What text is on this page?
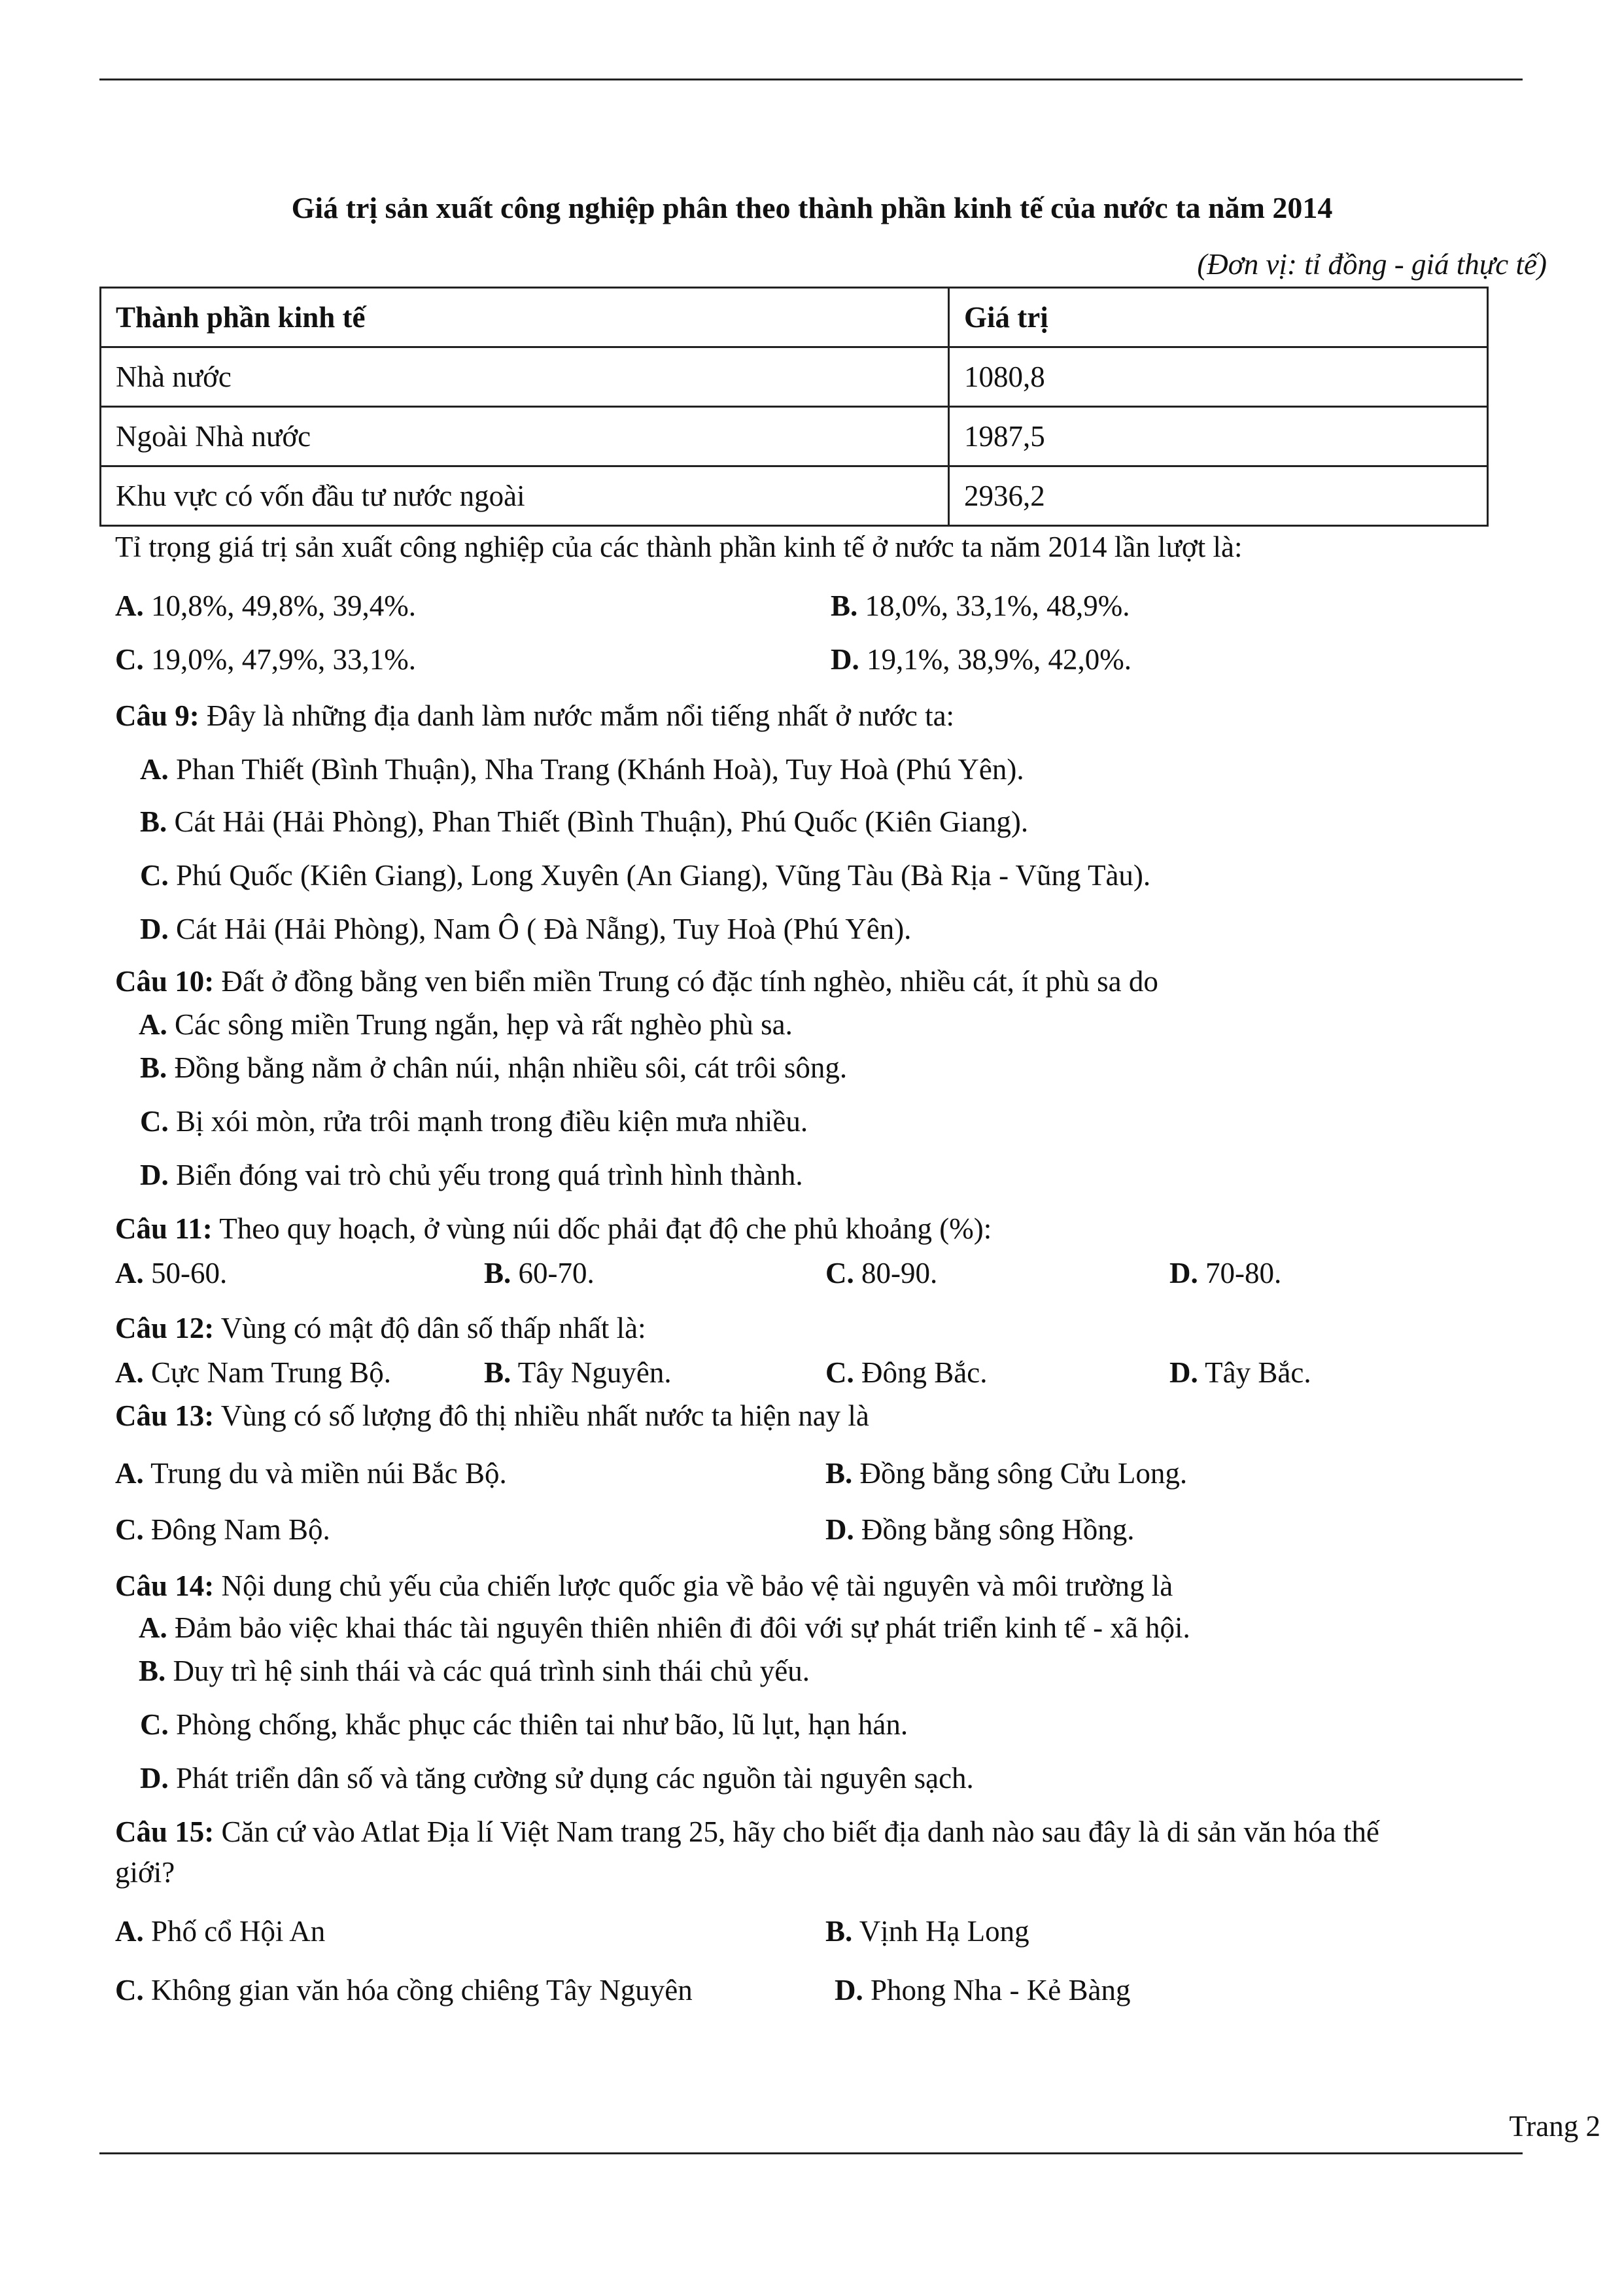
Giá trị sản xuất công nghiệp phân theo thành phần kinh tế của nước ta năm 2014
(Đơn vị: tỉ đồng - giá thực tế)
Thành phần kinh tế	Giá trị
Nhà nước	1080,8
Ngoài Nhà nước	1987,5
Khu vực có vốn đầu tư nước ngoài	2936,2
Tỉ trọng giá trị sản xuất công nghiệp của các thành phần kinh tế ở nước ta năm 2014 lần lượt là:
A. 10,8%, 49,8%, 39,4%.	B. 18,0%, 33,1%, 48,9%.
C. 19,0%, 47,9%, 33,1%.	D. 19,1%, 38,9%, 42,0%.
Câu 9: Đây là những địa danh làm nước mắm nổi tiếng nhất ở nước ta:
A. Phan Thiết (Bình Thuận), Nha Trang (Khánh Hoà), Tuy Hoà (Phú Yên).
B. Cát Hải (Hải Phòng), Phan Thiết (Bình Thuận), Phú Quốc (Kiên Giang).
C. Phú Quốc (Kiên Giang), Long Xuyên (An Giang), Vũng Tàu (Bà Rịa - Vũng Tàu).
D. Cát Hải (Hải Phòng), Nam Ô ( Đà Nẵng), Tuy Hoà (Phú Yên).
Câu 10: Đất ở đồng bằng ven biển miền Trung có đặc tính nghèo, nhiều cát, ít phù sa do
A. Các sông miền Trung ngắn, hẹp và rất nghèo phù sa.
B. Đồng bằng nằm ở chân núi, nhận nhiều sôi, cát trôi sông.
C. Bị xói mòn, rửa trôi mạnh trong điều kiện mưa nhiều.
D. Biển đóng vai trò chủ yếu trong quá trình hình thành.
Câu 11: Theo quy hoạch, ở vùng núi dốc phải đạt độ che phủ khoảng (%):
A. 50-60.	B. 60-70.	C. 80-90.	D. 70-80.
Câu 12: Vùng có mật độ dân số thấp nhất là:
A. Cực Nam Trung Bộ.	B. Tây Nguyên.	C. Đông Bắc.	D. Tây Bắc.
Câu 13: Vùng có số lượng đô thị nhiều nhất nước ta hiện nay là
A. Trung du và miền núi Bắc Bộ.	B. Đồng bằng sông Cửu Long.
C. Đông Nam Bộ.	D. Đồng bằng sông Hồng.
Câu 14: Nội dung chủ yếu của chiến lược quốc gia về bảo vệ tài nguyên và môi trường là
A. Đảm bảo việc khai thác tài nguyên thiên nhiên đi đôi với sự phát triển kinh tế - xã hội.
B. Duy trì hệ sinh thái và các quá trình sinh thái chủ yếu.
C. Phòng chống, khắc phục các thiên tai như bão, lũ lụt, hạn hán.
D. Phát triển dân số và tăng cường sử dụng các nguồn tài nguyên sạch.
Câu 15: Căn cứ vào Atlat Địa lí Việt Nam trang 25, hãy cho biết địa danh nào sau đây là di sản văn hóa thế
giới?
A. Phố cổ Hội An	B. Vịnh Hạ Long
C. Không gian văn hóa cồng chiêng Tây Nguyên	D. Phong Nha - Kẻ Bàng
Trang 2
